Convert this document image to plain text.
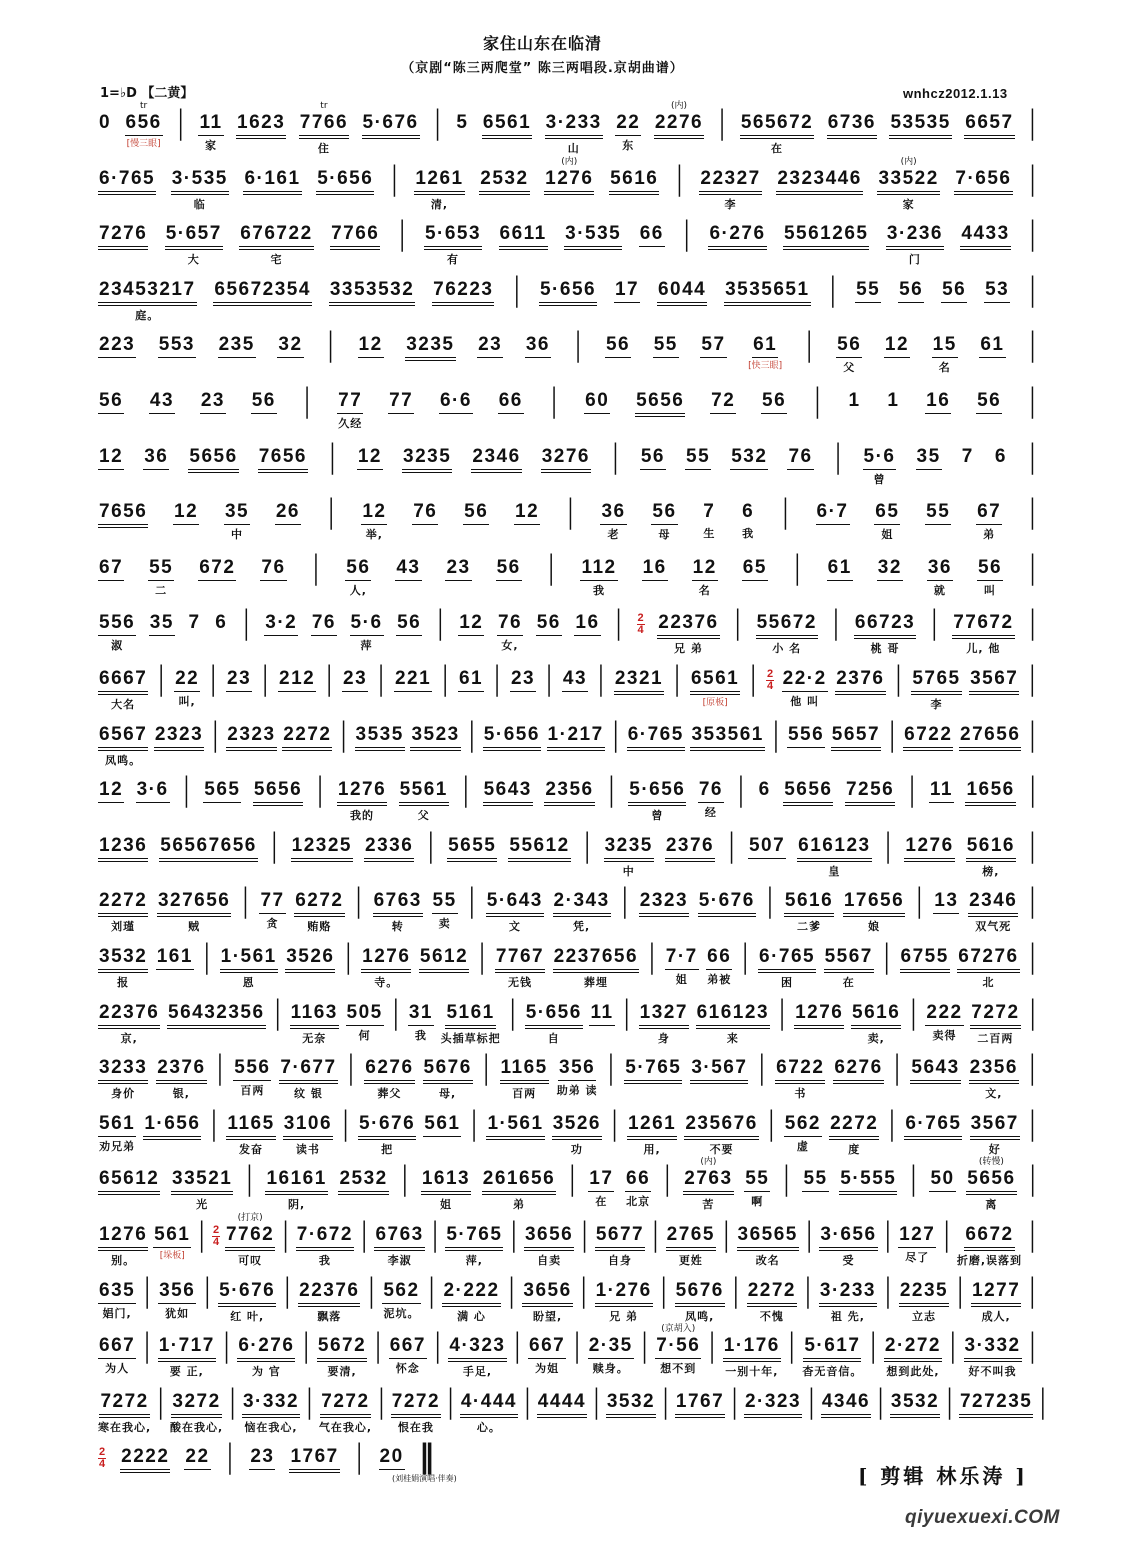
家住山东在临清
（京剧“陈三两爬堂” 陈三两唱段.京胡曲谱）
1=♭D 【二黄】	wnhcz2012.1.13
0
tr
656
[慢三眼]
| 11
家
1623
tr
7766
住
5·676 | 5 6561 3·233
山
22
东
(内)
2276 | 565672
在
6736 53535 6657 |
6·765 3·535
临
6·161 5·656 | 1261
清,
2532
(内)
1276 5616 | 22327
李
2323446
(内)
33522
家
7·656 |
7276 5·657
大
676722
宅
7766 | 5·653
有
6611 3·535 66 | 6·276 5561265 3·236
门
4433 |
23453217
庭。
65672354 3353532 76223 | 5·656 17 6044 3535651 | 55 56 56 53 |
223 553 235 32 | 12 3235 23 36 | 56 55 57 61
[快三眼]
| 56
父
12 15
名
61 |
56 43 23 56 | 77
久经
77 6·6 66 | 60 5656 72 56 | 1 1 16 56 |
12 36 5656 7656 | 12 3235 2346 3276 | 56 55 532 76 | 5·6
曾
35 7 6 |
7656 12 35
中
26 | 12
举,
76 56 12 | 36
老
56
母
7
生
6
我
| 6·7 65
姐
55 67
弟
|
67 55
二
672 76 | 56
人,
43 23 56 | 112
我
16 12
名
65 | 61 32 36
就
56
叫
|
556
淑
35 7 6 | 3·2 76 5·6
萍
56 | 12 76
女,
56 16 | 2
4 22376
兄 弟
| 55672
小 名
| 66723
桃 哥
| 77672
儿, 他
|
6667
大名
| 22
叫,
| 23 | 212 | 23 | 221 | 61 | 23 | 43 | 2321 | 6561
[原板]
| 2
4 22·2
他 叫
2376 | 5765
李
3567 |
6567
凤鸣。
2323 | 2323 2272 | 3535 3523 | 5·656 1·217 | 6·765 353561 | 556 5657 | 6722 27656 |
12 3·6 | 565 5656 | 1276
我的
5561
父
| 5643 2356 | 5·656
曾
76
经
| 6 5656 7256 | 11 1656 |
1236 56567656 | 12325 2336 | 5655 55612 | 3235
中
2376 | 507 616123
皇
| 1276 5616
榜,
|
2272
刘瑾
327656
贼
| 77
贪
6272
贿赂
| 6763
转
55
卖
| 5·643
文
2·343
凭,
| 2323 5·676 | 5616
二爹
17656
娘
| 13 2346
双气死
|
3532
报
161 | 1·561
恩
3526 | 1276
寺。
5612 | 7767
无钱
2237656
葬埋
| 7·7
姐
66
弟被
| 6·765
困
5567
在
| 6755 67276
北
|
22376
京,
56432356 | 1163
无奈
505
何
| 31
我
5161
头插草标把
| 5·656
自
11 | 1327
身
616123
来
| 1276 5616
卖,
| 222
卖得
7272
二百两
|
3233
身价
2376
银,
| 556
百两
7·677
纹 银
| 6276
葬父
5676
母,
| 1165
百两
356
助弟 读
| 5·765 3·567 | 6722
书
6276 | 5643 2356
文,
|
561
劝兄弟
1·656 | 1165
发奋
3106
读书
| 5·676
把
561 | 1·561 3526
功
| 1261
用,
235676
不要
| 562
虚
2272
度
| 6·765 3567
好
|
65612 33521
光
| 16161
阴,
2532 | 1613
姐
261656
弟
| 17
在
66
北京
|	(内)
2763
苦
55
啊
| 55 5·555 | 50
(转慢)
5656
离
|
1276
别。
561
[垛板]
| 2
4
(打京)
7762
可叹
| 7·672
我
| 6763
李淑
| 5·765
萍,
| 3656
自卖
| 5677
自身
| 2765
更姓
| 36565
改名
| 3·656
受
| 127
尽了
| 6672
折磨,误落到
|
635
娼门,
| 356
犹如
| 5·676
红 叶,
| 22376
飘落
| 562
泥坑。
| 2·222
满 心
| 3656
盼望,
| 1·276
兄 弟
| 5676
凤鸣,
| 2272
不愧
| 3·233
祖 先,
| 2235
立志
| 1277
成人,
|
667
为人
| 1·717
要 正,
| 6·276
为 官
| 5672
要清,
| 667
怀念
| 4·323
手足,
| 667
为姐
| 2·35
赎身。
| (京胡入)
7·56
想不到
| 1·176
一别十年,
| 5·617
杳无音信。
| 2·272
想到此处,
| 3·332
好不叫我
|
7272
寒在我心,
| 3272
酸在我心,
| 3·332
恼在我心,
| 7272
气在我心,
| 7272
恨在我
| 4·444
心。
| 4444 | 3532 | 1767 | 2·323 | 4346 | 3532 | 727235 |
2
4 2222 22 | 23 1767 | 20 ‖
(刘桂娟演唱·伴奏)	[ 剪辑 林乐涛 ]
qiyuexuexi.COM
